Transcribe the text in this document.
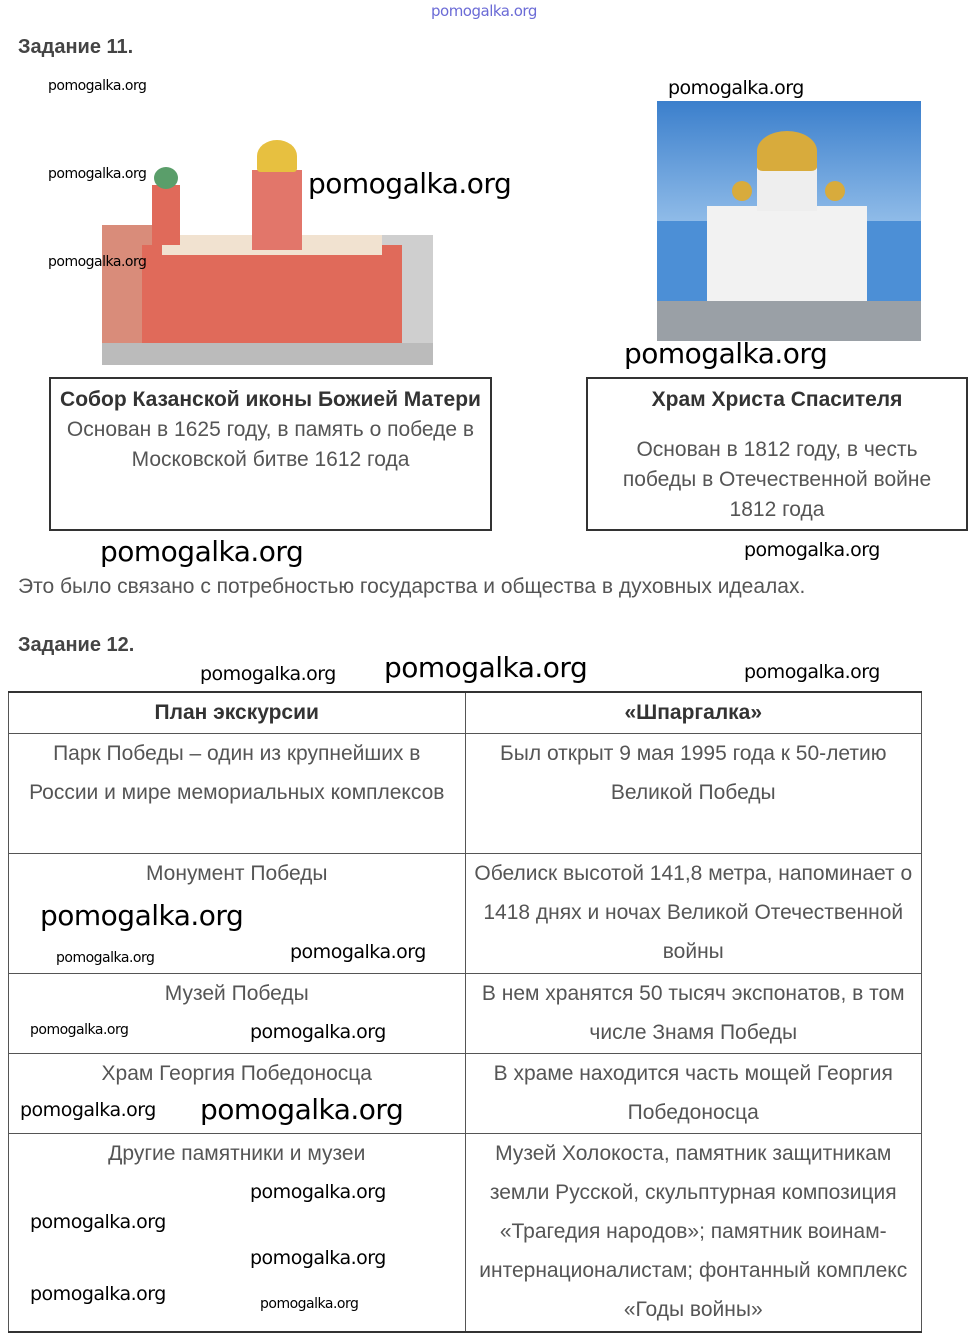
pomogalka.org
Задание 11.
Собор Казанской иконы Божией Матери
Основан в 1625 году, в память о победе в Московской битве 1612 года
Храм Христа Спасителя
Основан в 1812 году, в честь победы в Отечественной войне 1812 года
Это было связано с потребностью государства и общества в духовных идеалах.
Задание 12.
План экскурсии	«Шпаргалка»
Парк Победы – один из крупнейших в России и мире мемориальных комплексов	Был открыт 9 мая 1995 года к 50-летию Великой Победы
Монумент Победы	Обелиск высотой 141,8 метра, напоминает о 1418 днях и ночах Великой Отечественной войны
Музей Победы	В нем хранятся 50 тысяч экспонатов, в том числе Знамя Победы
Храм Георгия Победоносца	В храме находится часть мощей Георгия Победоносца
Другие памятники и музеи	Музей Холокоста, памятник защитникам земли Русской, скульптурная композиция «Трагедия народов»; памятник воинам-интернационалистам; фонтанный комплекс «Годы войны»
pomogalka.org
pomogalka.org
pomogalka.org
pomogalka.org
pomogalka.org
pomogalka.org
pomogalka.org	pomogalka.org
pomogalka.org pomogalka.org	pomogalka.org
pomogalka.org
pomogalka.org
pomogalka.org
pomogalka.org
pomogalka.org
pomogalka.org pomogalka.org
pomogalka.org
pomogalka.org
pomogalka.org
pomogalka.org	pomogalka.org
